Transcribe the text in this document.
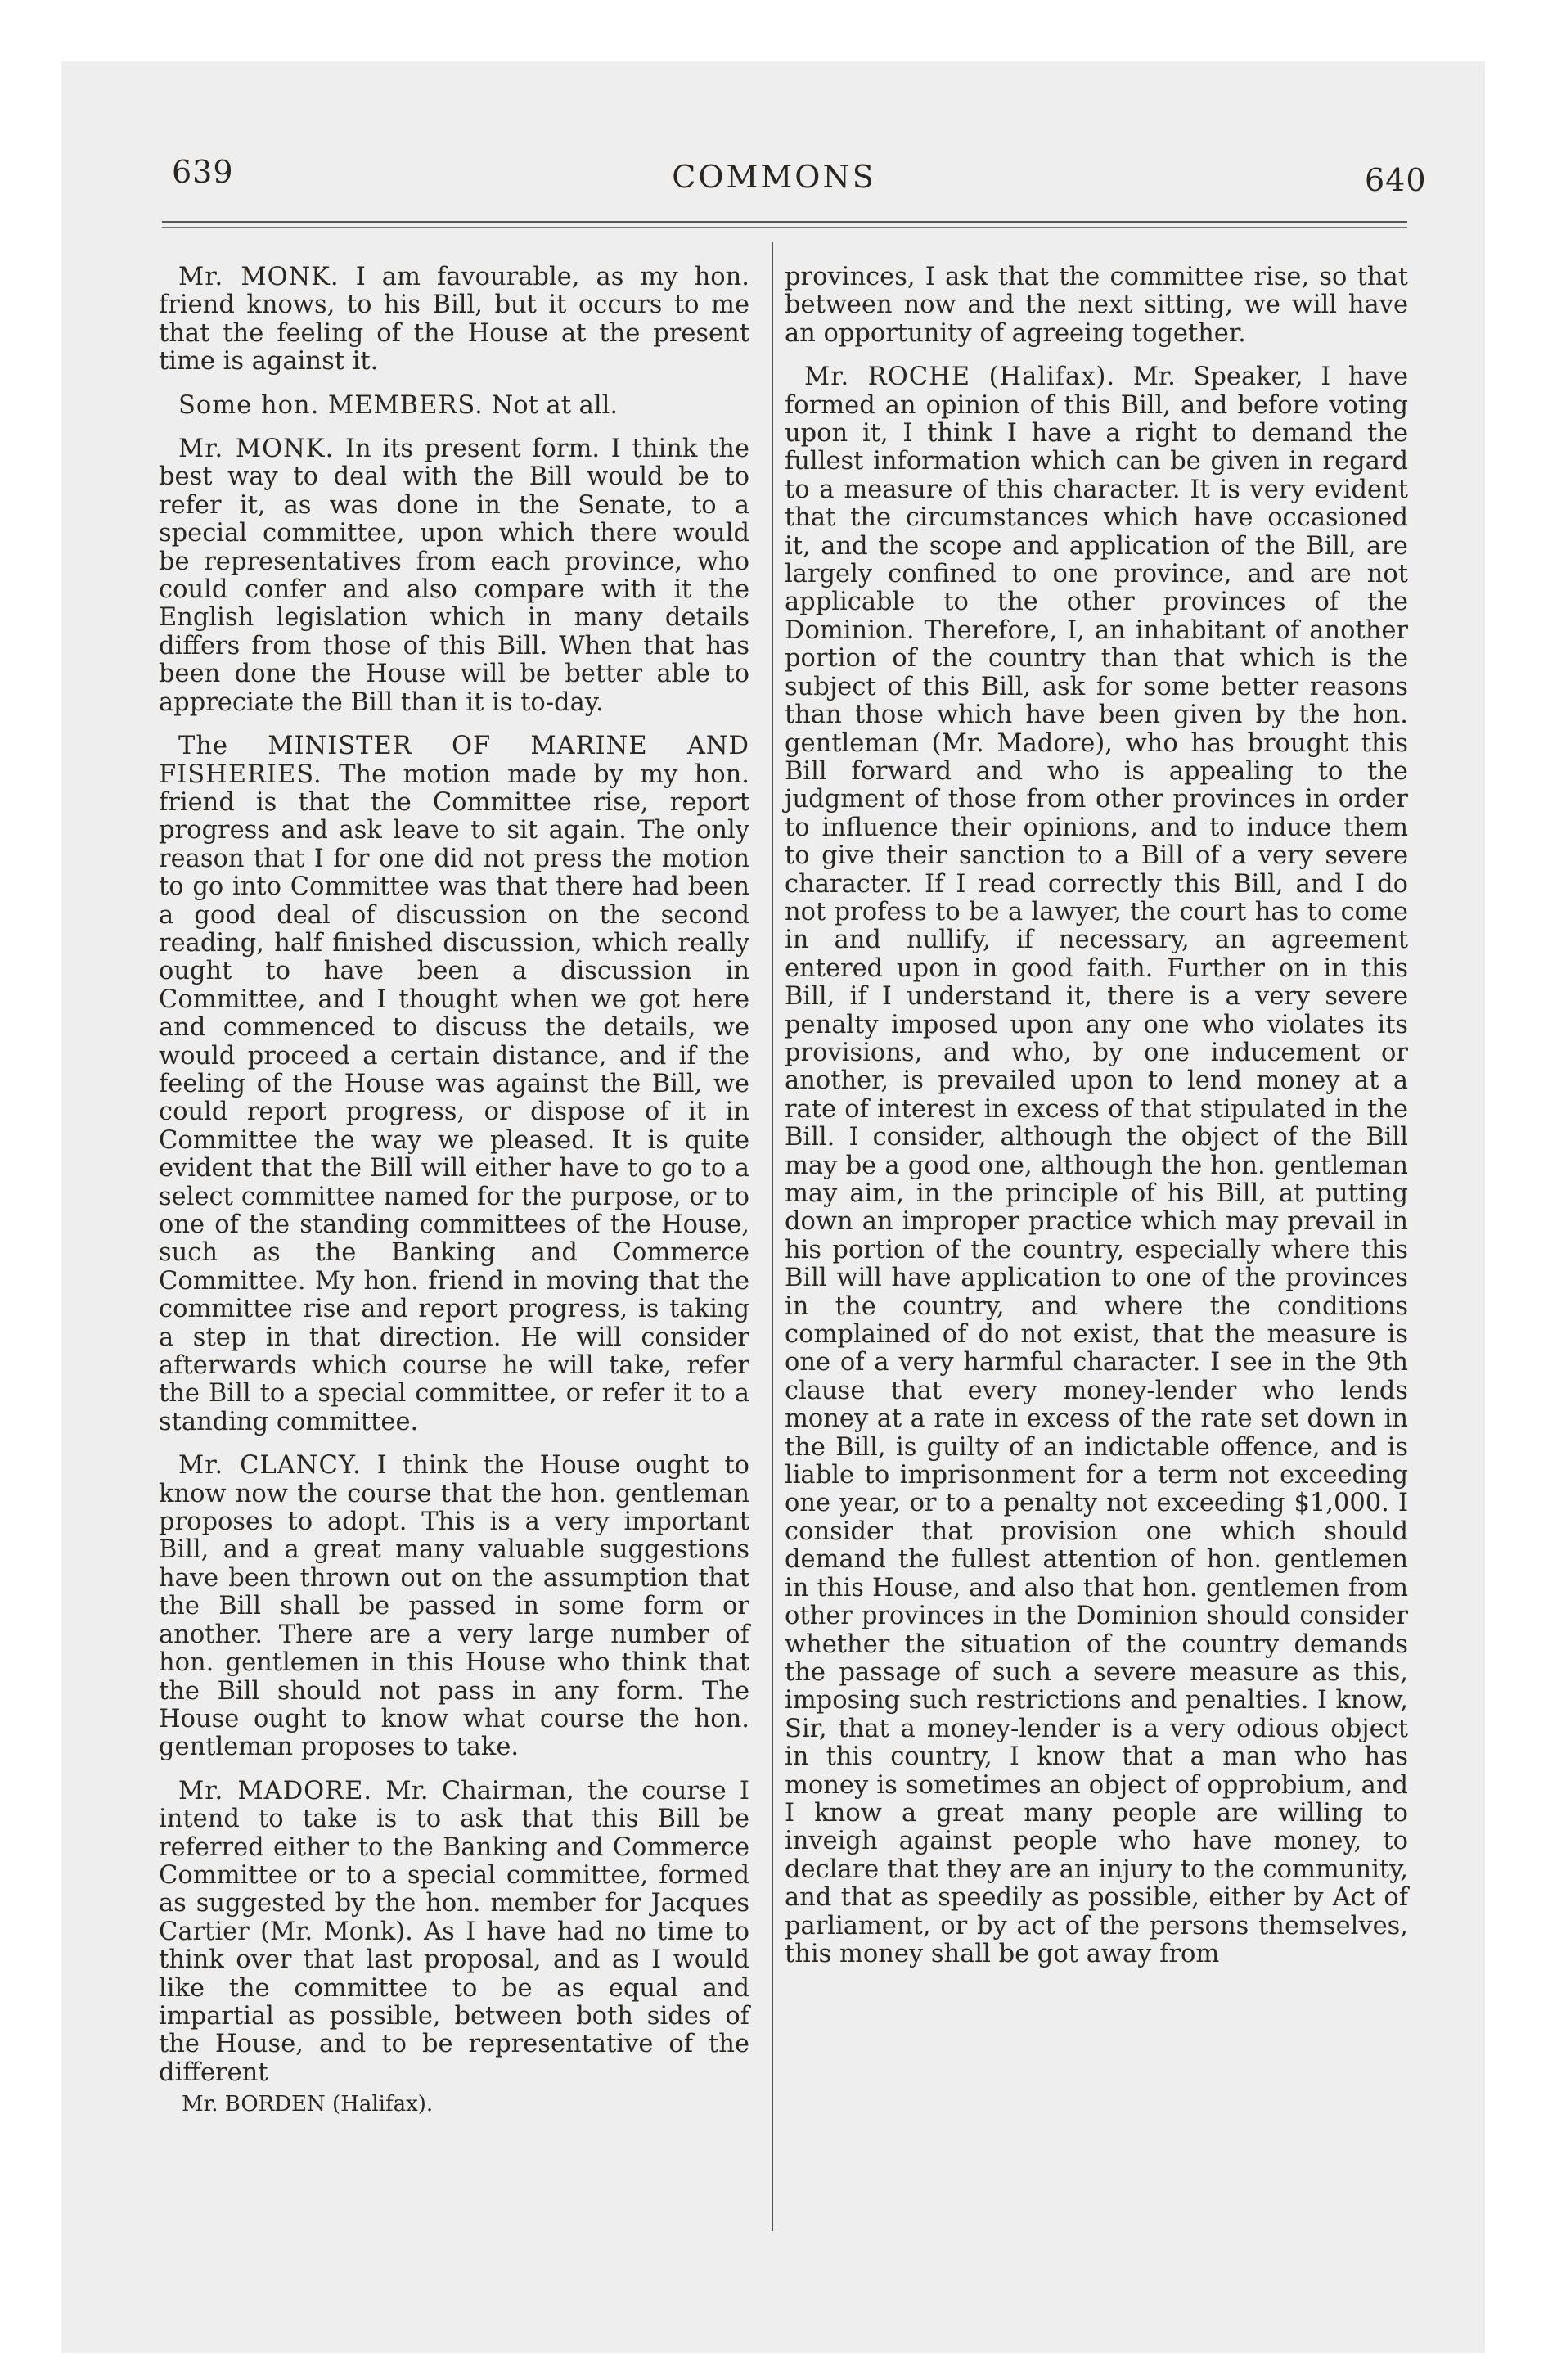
639	COMMONS	640

Mr. MONK. I am favourable, as my hon. friend knows, to his Bill, but it occurs to me that the feeling of the House at the present time is against it.

Some hon. MEMBERS. Not at all.

Mr. MONK. In its present form. I think the best way to deal with the Bill would be to refer it, as was done in the Senate, to a special committee, upon which there would be representatives from each province, who could confer and also compare with it the English legislation which in many details differs from those of this Bill. When that has been done the House will be better able to appreciate the Bill than it is to-day.

The MINISTER OF MARINE AND FISHERIES. The motion made by my hon. friend is that the Committee rise, report progress and ask leave to sit again. The only reason that I for one did not press the motion to go into Committee was that there had been a good deal of discussion on the second reading, half finished discussion, which really ought to have been a discussion in Committee, and I thought when we got here and commenced to discuss the details, we would proceed a certain distance, and if the feeling of the House was against the Bill, we could report progress, or dispose of it in Committee the way we pleased. It is quite evident that the Bill will either have to go to a select committee named for the purpose, or to one of the standing committees of the House, such as the Banking and Commerce Committee. My hon. friend in moving that the committee rise and report progress, is taking a step in that direction. He will consider afterwards which course he will take, refer the Bill to a special committee, or refer it to a standing committee.

Mr. CLANCY. I think the House ought to know now the course that the hon. gentleman proposes to adopt. This is a very important Bill, and a great many valuable suggestions have been thrown out on the assumption that the Bill shall be passed in some form or another. There are a very large number of hon. gentlemen in this House who think that the Bill should not pass in any form. The House ought to know what course the hon. gentleman proposes to take.

Mr. MADORE. Mr. Chairman, the course I intend to take is to ask that this Bill be referred either to the Banking and Commerce Committee or to a special committee, formed as suggested by the hon. member for Jacques Cartier (Mr. Monk). As I have had no time to think over that last proposal, and as I would like the committee to be as equal and impartial as possible, between both sides of the House, and to be representative of the different

Mr. BORDEN (Halifax).

provinces, I ask that the committee rise, so that between now and the next sitting, we will have an opportunity of agreeing together.

Mr. ROCHE (Halifax). Mr. Speaker, I have formed an opinion of this Bill, and before voting upon it, I think I have a right to demand the fullest information which can be given in regard to a measure of this character. It is very evident that the circumstances which have occasioned it, and the scope and application of the Bill, are largely confined to one province, and are not applicable to the other provinces of the Dominion. Therefore, I, an inhabitant of another portion of the country than that which is the subject of this Bill, ask for some better reasons than those which have been given by the hon. gentleman (Mr. Madore), who has brought this Bill forward and who is appealing to the judgment of those from other provinces in order to influence their opinions, and to induce them to give their sanction to a Bill of a very severe character. If I read correctly this Bill, and I do not profess to be a lawyer, the court has to come in and nullify, if necessary, an agreement entered upon in good faith. Further on in this Bill, if I understand it, there is a very severe penalty imposed upon any one who violates its provisions, and who, by one inducement or another, is prevailed upon to lend money at a rate of interest in excess of that stipulated in the Bill. I consider, although the object of the Bill may be a good one, although the hon. gentleman may aim, in the principle of his Bill, at putting down an improper practice which may prevail in his portion of the country, especially where this Bill will have application to one of the provinces in the country, and where the conditions complained of do not exist, that the measure is one of a very harmful character. I see in the 9th clause that every money-lender who lends money at a rate in excess of the rate set down in the Bill, is guilty of an indictable offence, and is liable to imprisonment for a term not exceeding one year, or to a penalty not exceeding $1,000. I consider that provision one which should demand the fullest attention of hon. gentlemen in this House, and also that hon. gentlemen from other provinces in the Dominion should consider whether the situation of the country demands the passage of such a severe measure as this, imposing such restrictions and penalties. I know, Sir, that a money-lender is a very odious object in this country, I know that a man who has money is sometimes an object of opprobium, and I know a great many people are willing to inveigh against people who have money, to declare that they are an injury to the community, and that as speedily as possible, either by Act of parliament, or by act of the persons themselves, this money shall be got away from
